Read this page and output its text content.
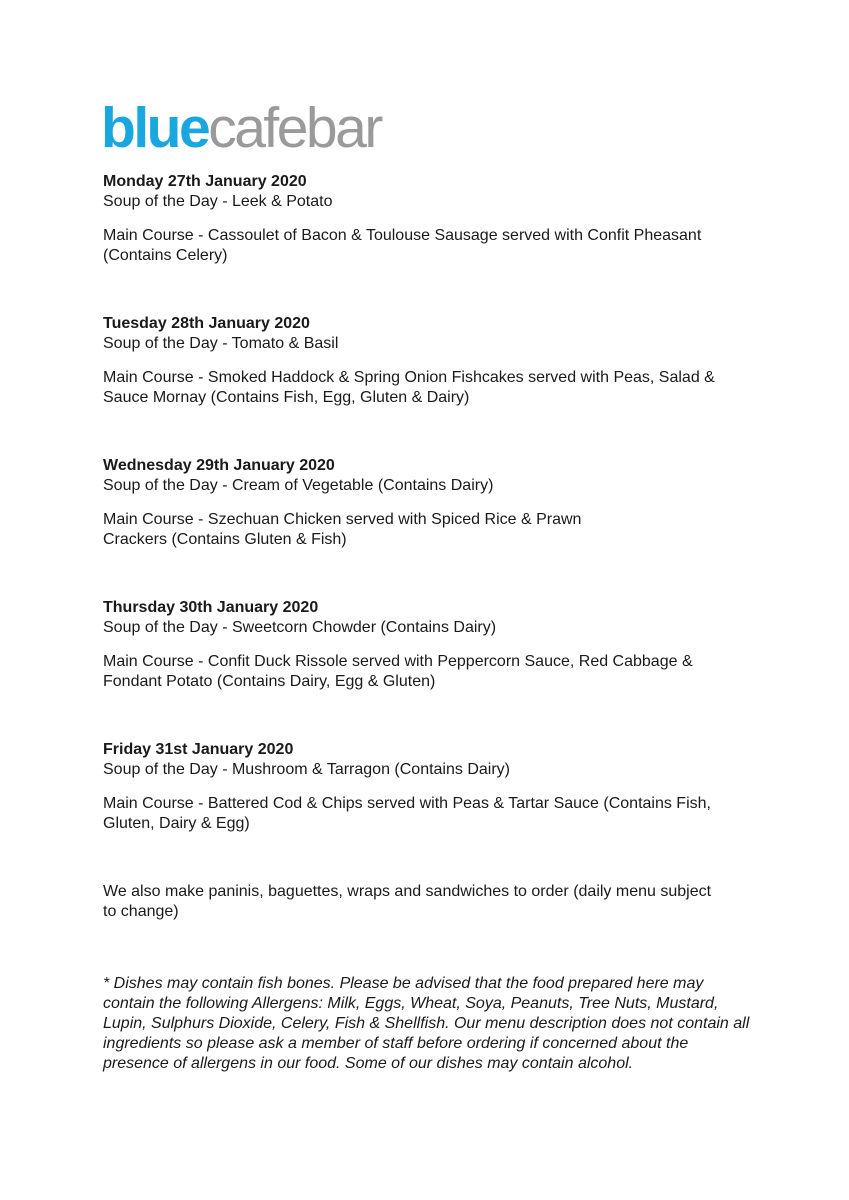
bluecafebar

Monday 27th January 2020

Soup of the Day - Leek & Potato

Main Course - Cassoulet of Bacon & Toulouse Sausage served with Confit Pheasant (Contains Celery)

Tuesday 28th January 2020

Soup of the Day - Tomato & Basil

Main Course - Smoked Haddock & Spring Onion Fishcakes served with Peas, Salad & Sauce Mornay (Contains Fish, Egg, Gluten & Dairy)

Wednesday 29th January 2020

Soup of the Day - Cream of Vegetable (Contains Dairy)

Main Course - Szechuan Chicken served with Spiced Rice & Prawn Crackers (Contains Gluten & Fish)

Thursday 30th January 2020

Soup of the Day - Sweetcorn Chowder (Contains Dairy)

Main Course - Confit Duck Rissole served with Peppercorn Sauce, Red Cabbage & Fondant Potato (Contains Dairy, Egg & Gluten)

Friday 31st January 2020

Soup of the Day - Mushroom & Tarragon (Contains Dairy)

Main Course - Battered Cod & Chips served with Peas & Tartar Sauce (Contains Fish, Gluten, Dairy & Egg)

We also make paninis, baguettes, wraps and sandwiches to order (daily menu subject to change)

* Dishes may contain fish bones. Please be advised that the food prepared here may contain the following Allergens: Milk, Eggs, Wheat, Soya, Peanuts, Tree Nuts, Mustard, Lupin, Sulphurs Dioxide, Celery, Fish & Shellfish. Our menu description does not contain all ingredients so please ask a member of staff before ordering if concerned about the presence of allergens in our food. Some of our dishes may contain alcohol.
